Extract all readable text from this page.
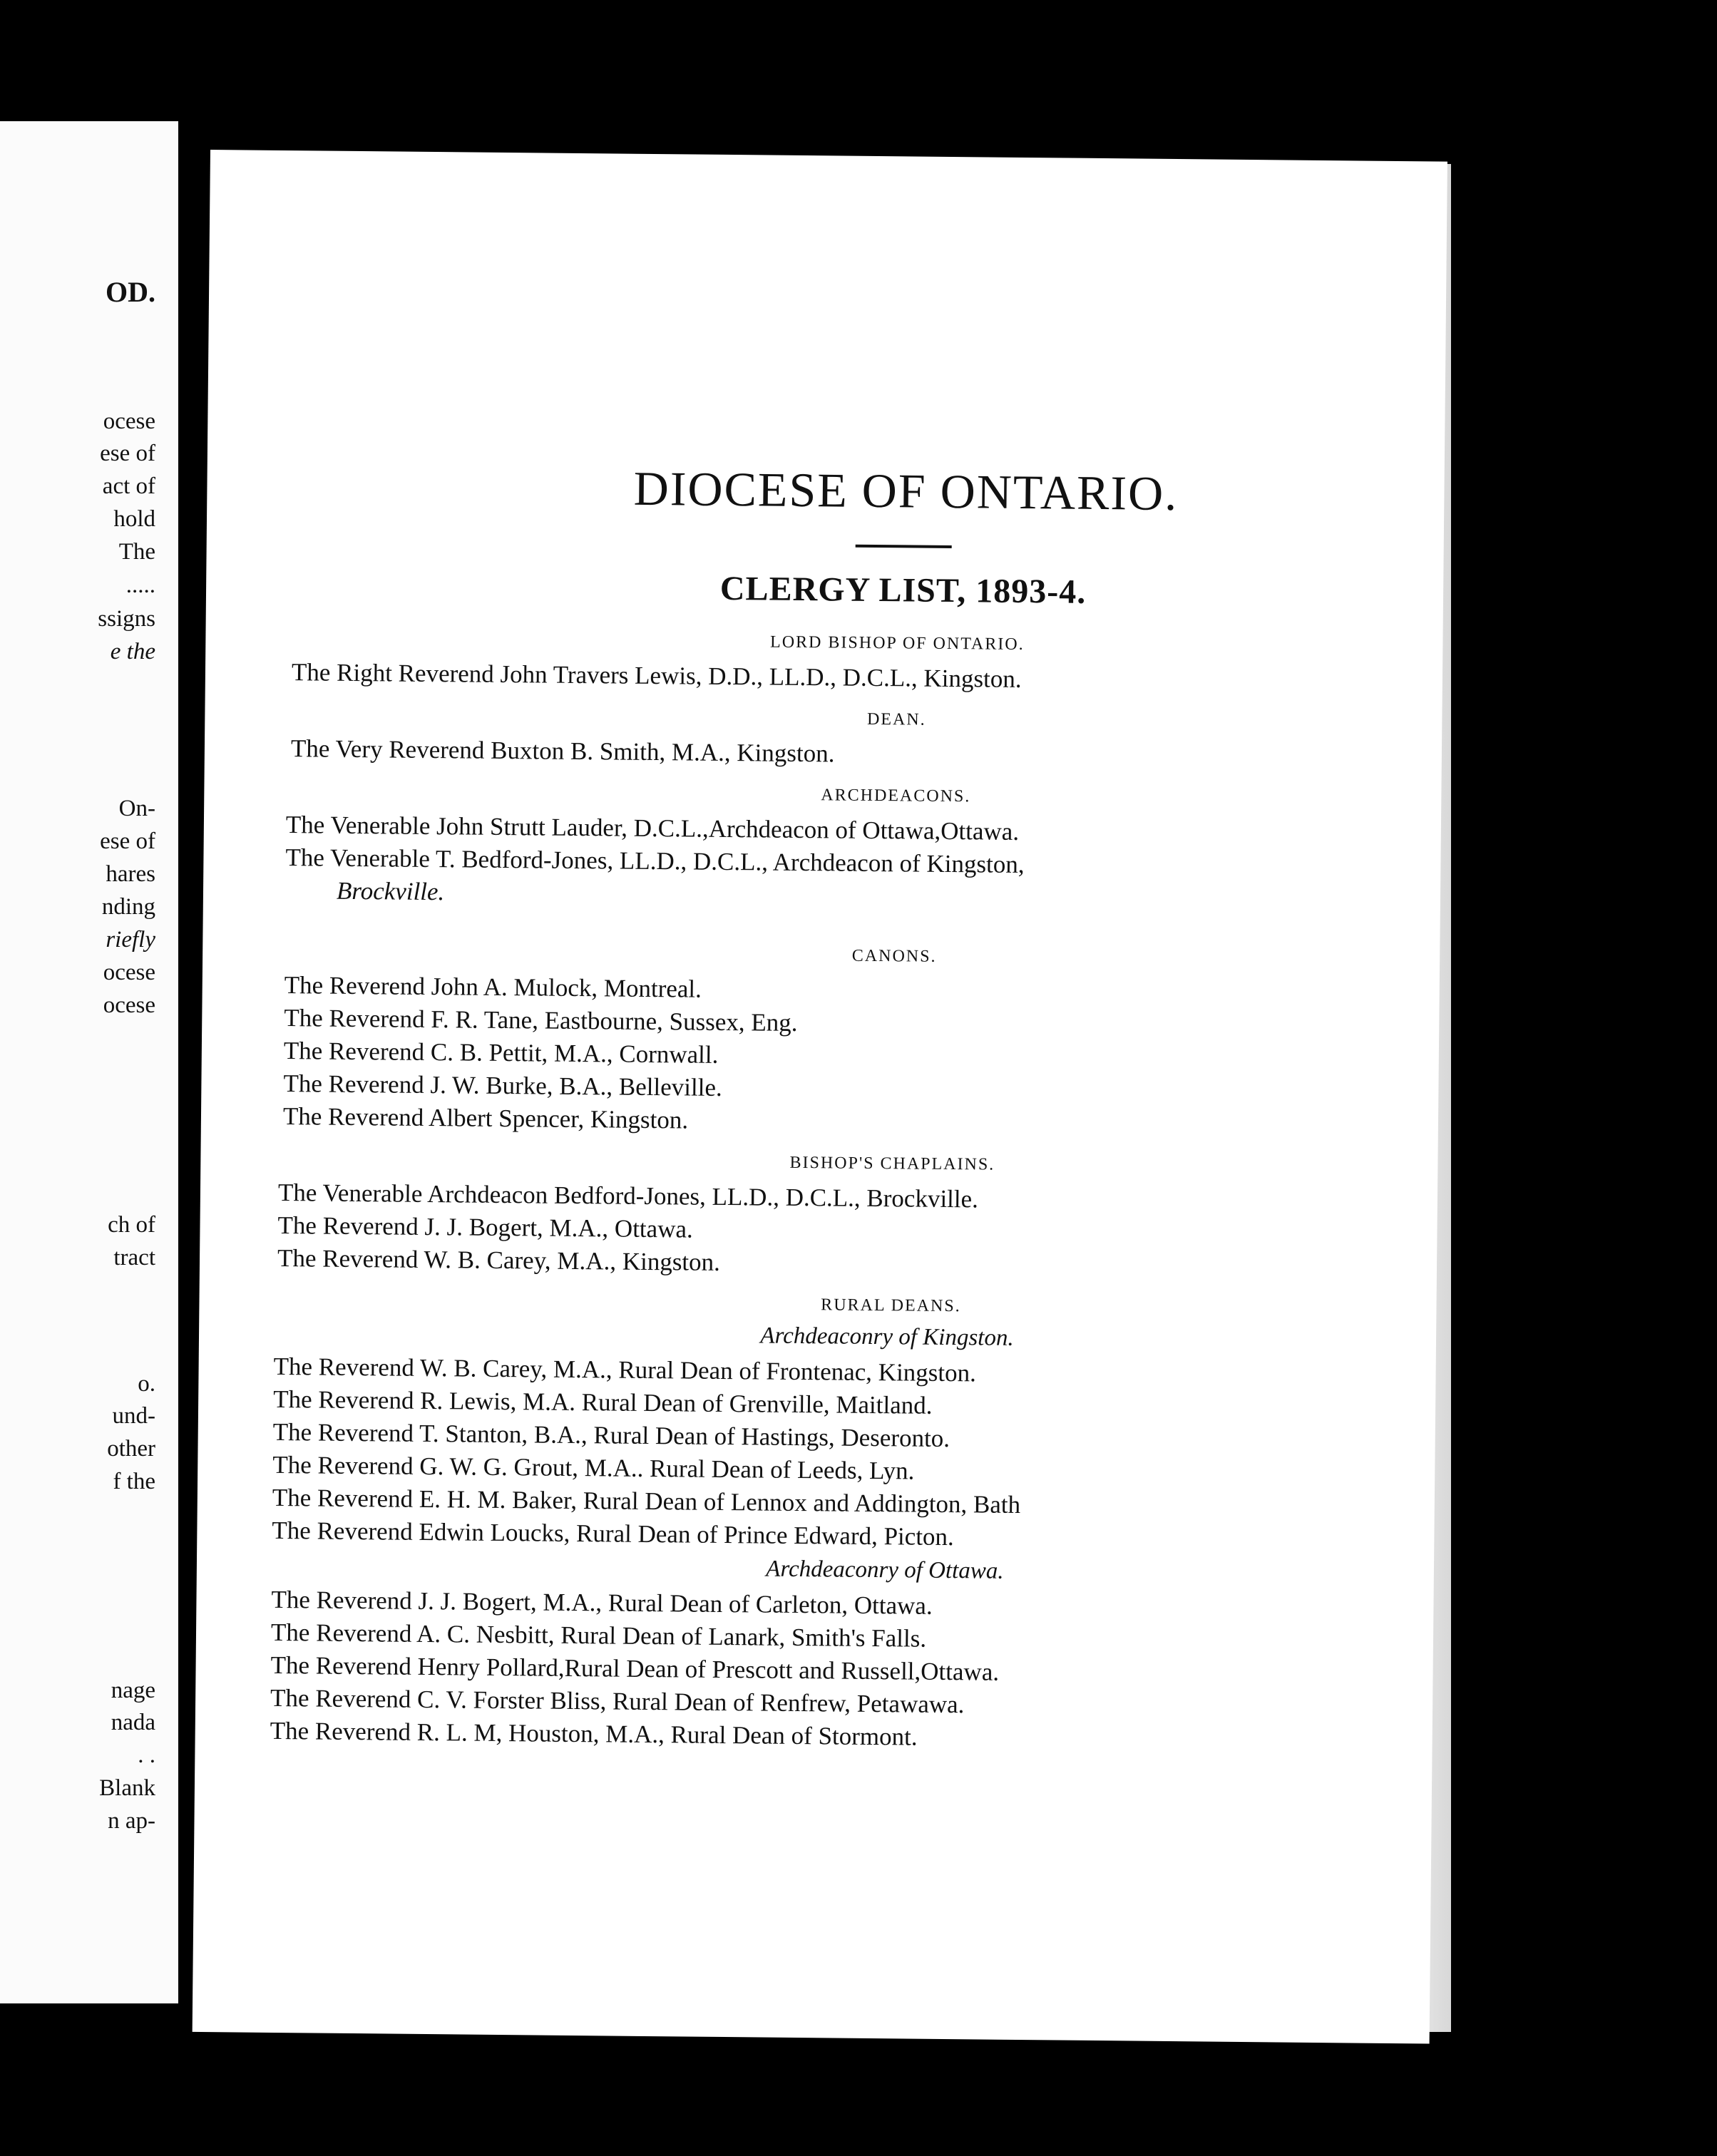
OD.
ocese
ese of
act of
hold
The
.....
ssigns
e the
On-
ese of
hares
nding
riefly
ocese
ocese
ch of
tract
o.
und-
other
f the
nage
nada
. .
Blank
n ap-
DIOCESE OF ONTARIO.
CLERGY LIST, 1893-4.
LORD BISHOP OF ONTARIO.

The Right Reverend John Travers Lewis, D.D., LL.D., D.C.L., Kingston.

DEAN.

The Very Reverend Buxton B. Smith, M.A., Kingston.

ARCHDEACONS.

The Venerable John Strutt Lauder, D.C.L.,Archdeacon of Ottawa,Ottawa.

The Venerable T. Bedford-Jones, LL.D., D.C.L., Archdeacon of Kingston,
Brockville.

CANONS.

The Reverend John A. Mulock, Montreal.

The Reverend F. R. Tane, Eastbourne, Sussex, Eng.

The Reverend C. B. Pettit, M.A., Cornwall.

The Reverend J. W. Burke, B.A., Belleville.

The Reverend Albert Spencer, Kingston.

BISHOP'S CHAPLAINS.

The Venerable Archdeacon Bedford-Jones, LL.D., D.C.L., Brockville.

The Reverend J. J. Bogert, M.A., Ottawa.

The Reverend W. B. Carey, M.A., Kingston.

RURAL DEANS.
Archdeaconry of Kingston.

The Reverend W. B. Carey, M.A., Rural Dean of Frontenac, Kingston.

The Reverend R. Lewis, M.A. Rural Dean of Grenville, Maitland.

The Reverend T. Stanton, B.A., Rural Dean of Hastings, Deseronto.

The Reverend G. W. G. Grout, M.A.. Rural Dean of Leeds, Lyn.

The Reverend E. H. M. Baker, Rural Dean of Lennox and Addington, Bath

The Reverend Edwin Loucks, Rural Dean of Prince Edward, Picton.

Archdeaconry of Ottawa.

The Reverend J. J. Bogert, M.A., Rural Dean of Carleton, Ottawa.

The Reverend A. C. Nesbitt, Rural Dean of Lanark, Smith's Falls.

The Reverend Henry Pollard,Rural Dean of Prescott and Russell,Ottawa.

The Reverend C. V. Forster Bliss, Rural Dean of Renfrew, Petawawa.

The Reverend R. L. M, Houston, M.A., Rural Dean of Stormont.
